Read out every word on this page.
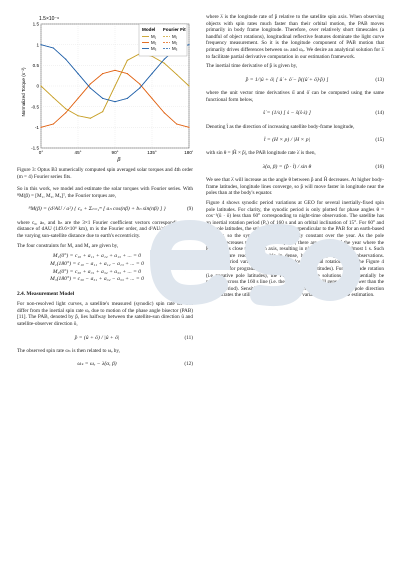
0°	45°	90°	135°	180°
1.5
1
0.5
0
-0.5
-1
-1.5
1.5×10⁻⁶
Normalized Torque (s⁻²)
β
Model Fourier Fit
M₁	M₁
M₂	M₂
M₃	M₃

Figure 3: Optus B3 numerically computed spin averaged solar torques and 4th order (m = 4) Fourier series fits.

So in this work, we model and estimate the solar torques with Fourier series. With ᴮM(β) = [M₁, M₂, M₃]ᵀ, the Fourier torques are,

ᴮM(β) = (d²AU / a²) { c₀ + Σₙ₌₁ᵐ [ aₙ cos(nβ) + bₙ sin(nβ) ] }	(9)

where c₀, aₙ, and bₙ are the 3×1 Fourier coefficient vectors corresponding to a distance of dAU (149.6×10⁶ km), m is the Fourier order, and d²AU/a² accounts for the varying sun-satellite distance due to earth's eccentricity.

The four constraints for M₁ and M₃ are given by,

M₁(0°) = c₁₀ + a₁₁ + a₁₂ + a₁₃ + ... = 0
M₁(180°) = c₁₀ − a₁₁ + a₁₂ − a₁₃ + ... = 0
M₃(0°) = c₃₀ + a₃₁ + a₃₂ + a₃₃ + ... = 0
M₃(180°) = c₃₀ − a₃₁ + a₃₂ − a₃₃ + ... = 0
(10)
2.4. Measurement Model

For non-resolved light curves, a satellite's measured (synodic) spin rate ωₛ will differ from the inertial spin rate ωₑ due to motion of the phase angle bisector (PAB) [11]. The PAB, denoted by p̂, lies halfway between the satellite-sun direction û and satellite-observer direction ô,

p̂ = (û + ô) / |û + ô|	(11)

The observed spin rate ωₛ is then related to ωₑ by,

ωₛ = ωₑ − λ̇(α, β)	(12)

where λ̇ is the longitude rate of p̂ relative to the satellite spin axis. When observing objects with spin rates much faster than their orbital motion, the PAB moves primarily in body frame longitude. Therefore, over relatively short timescales (a handful of object rotations), longitudinal reflective features dominate the light curve frequency measurement. So it is the longitude component of PAB motion that primarily drives differences between ωₛ and ωₑ. We desire an analytical solution for λ̇ to facilitate partial derivative computation in our estimation framework.

The inertial time derivative of p̂ is given by,

p̂̇ = 1/|û + ô| [ û̇ + ô̇ − p̂((û̇ + ô̇)·p̂) ]	(13)

where the unit vector time derivatives û̇ and ô̇ can be computed using the same functional form below,

ŝ̇ = (1/s) [ ṡ − ŝ(ŝ·ṡ) ]	(14)

Denoting t̂ as the direction of increasing satellite body-frame longitude,

t̂ = (H × p) / |H × p|	(15)

with sin θ = |Ĥ × p̂|, the PAB longitude rate λ̇ is then,

λ̇(α, β) = (p̂̇ · t̂) / sin θ	(16)

We see that λ̇ will increase as the angle θ between p̂ and Ĥ decreases. At higher body-frame latitudes, longitude lines converge, so p̂ will move faster in longitude near the poles than at the body's equator.

Figure 4 shows synodic period variations at GEO for several inertially-fixed spin pole latitudes. For clarity, the synodic period is only plotted for phase angles θ = cos⁻¹(û · ô) less than 60° corresponding to night-time observation. The satellite has an inertial rotation period (Pₑ) of 160 s and an orbital inclination of 15°. For 60° and 90° pole latitudes, the spin axis is mostly perpendicular to the PAB for an earth-based observer, so the synodic period is relatively constant over the year. As the pole latitude decreases towards the orbit plane, there are portions of the year where the PAB moves close to the spin axis, resulting in nightly variations of almost 1 s. Such variations are readily detectable in dense, high quality, light curve observations. Synodic period variations increase with slower inertial rotation. Also, the Figure 4 results are for prograde rotation (i.e. positive pole latitudes). For retrograde rotation (i.e negative pole latitudes), the Figure 4 prograde solutions will essentially be reflected across the 160 s line (i.e. the synodic period will generally be lower than the inertial period). Sensitivity of the synodic period to the inertial spin pole direction demonstrates the utility of leveraging synodic variations for spin pole estimation.
